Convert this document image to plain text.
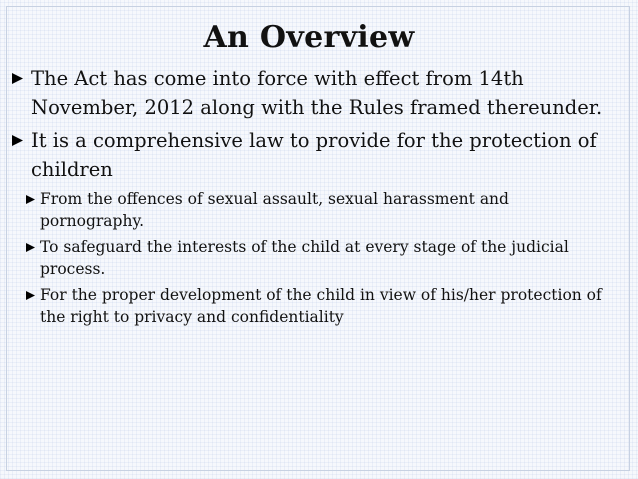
An Overview
The Act has come into force with effect from 14th November, 2012 along with the Rules framed thereunder.
It is a comprehensive law to provide for the protection of children
From the offences of sexual assault, sexual harassment and pornography.
To safeguard the interests of the child at every stage of the judicial process.
For the proper development of the child in view of his/her protection of the right to privacy and confidentiality
